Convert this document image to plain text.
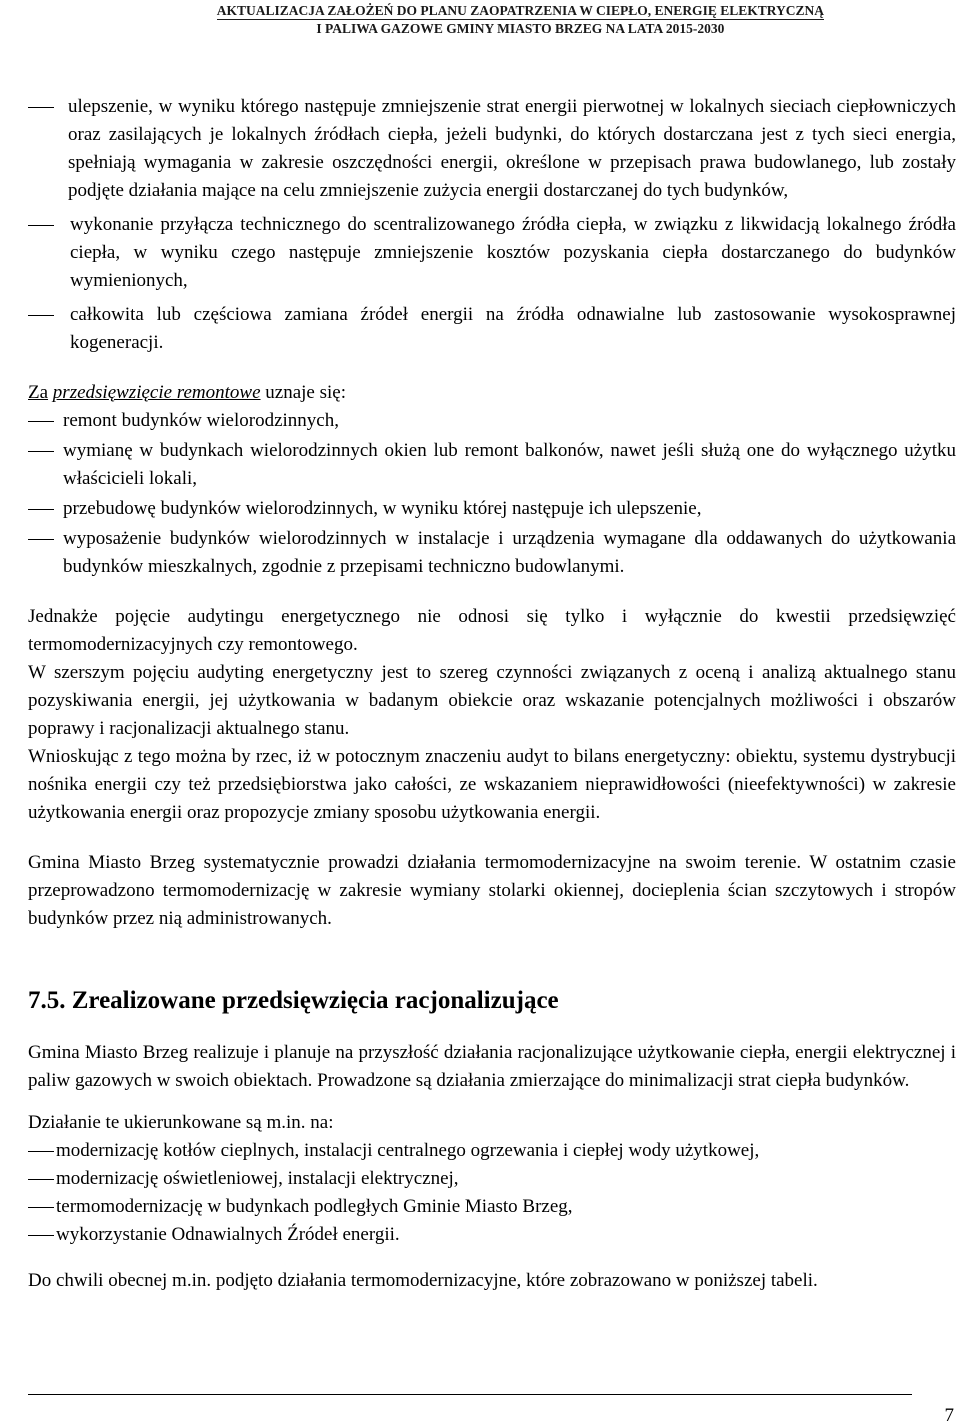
AKTUALIZACJA ZAŁOŻEŃ DO PLANU ZAOPATRZENIA W CIEPŁO, ENERGIĘ ELEKTRYCZNĄ
I PALIWA GAZOWE GMINY MIASTO BRZEG NA LATA 2015-2030
ulepszenie, w wyniku którego następuje zmniejszenie strat energii pierwotnej w lokalnych sieciach ciepłowniczych oraz zasilających je lokalnych źródłach ciepła, jeżeli budynki, do których dostarczana jest z tych sieci energia, spełniają wymagania w zakresie oszczędności energii, określone w przepisach prawa budowlanego, lub zostały podjęte działania mające na celu zmniejszenie zużycia energii dostarczanej do tych budynków,
wykonanie przyłącza technicznego do scentralizowanego źródła ciepła, w związku z likwidacją lokalnego źródła ciepła, w wyniku czego następuje zmniejszenie kosztów pozyskania ciepła dostarczanego do budynków wymienionych,
całkowita lub częściowa zamiana źródeł energii na źródła odnawialne lub zastosowanie wysokosprawnej kogeneracji.

Za przedsięwzięcie remontowe uznaje się:

remont budynków wielorodzinnych,
wymianę w budynkach wielorodzinnych okien lub remont balkonów, nawet jeśli służą one do wyłącznego użytku właścicieli lokali,
przebudowę budynków wielorodzinnych, w wyniku której następuje ich ulepszenie,
wyposażenie budynków wielorodzinnych w instalacje i urządzenia wymagane dla oddawanych do użytkowania budynków mieszkalnych, zgodnie z przepisami techniczno budowlanymi.

Jednakże pojęcie audytingu energetycznego nie odnosi się tylko i wyłącznie do kwestii przedsięwzięć termomodernizacyjnych czy remontowego.

W szerszym pojęciu audyting energetyczny jest to szereg czynności związanych z oceną i analizą aktualnego stanu pozyskiwania energii, jej użytkowania w badanym obiekcie oraz wskazanie potencjalnych możliwości i obszarów poprawy i racjonalizacji aktualnego stanu.

Wnioskując z tego można by rzec, iż w potocznym znaczeniu audyt to bilans energetyczny: obiektu, systemu dystrybucji nośnika energii czy też przedsiębiorstwa jako całości, ze wskazaniem nieprawidłowości (nieefektywności) w zakresie użytkowania energii oraz propozycje zmiany sposobu użytkowania energii.

Gmina Miasto Brzeg systematycznie prowadzi działania termomodernizacyjne na swoim terenie. W ostatnim czasie przeprowadzono termomodernizację w zakresie wymiany stolarki okiennej, docieplenia ścian szczytowych i stropów budynków przez nią administrowanych.

7.5. Zrealizowane przedsięwzięcia racjonalizujące

Gmina Miasto Brzeg realizuje i planuje na przyszłość działania racjonalizujące użytkowanie ciepła, energii elektrycznej i paliw gazowych w swoich obiektach. Prowadzone są działania zmierzające do minimalizacji strat ciepła budynków.

Działanie te ukierunkowane są m.in. na:

modernizację kotłów cieplnych, instalacji centralnego ogrzewania i ciepłej wody użytkowej,
modernizację oświetleniowej, instalacji elektrycznej,
termomodernizację w budynkach podległych Gminie Miasto Brzeg,
wykorzystanie Odnawialnych Źródeł energii.

Do chwili obecnej m.in. podjęto działania termomodernizacyjne, które zobrazowano w poniższej tabeli.

7
